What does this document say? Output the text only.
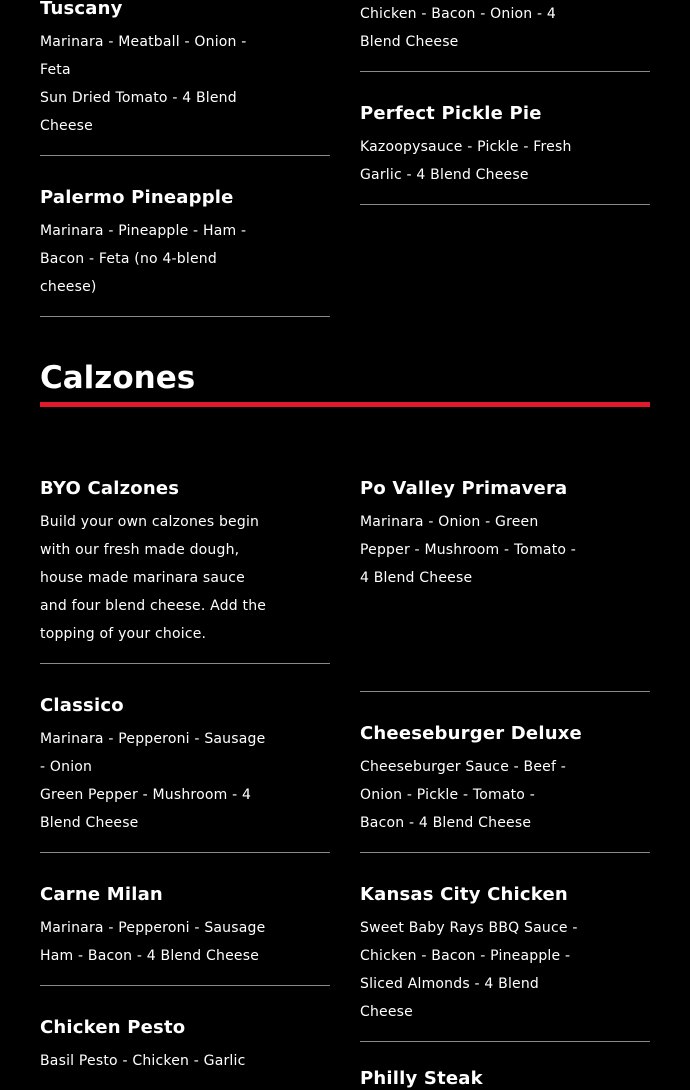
Tuscany
Marinara - Meatball - Onion -
Feta
Sun Dried Tomato - 4 Blend
Cheese
Chicken - Bacon - Onion - 4
Blend Cheese
Palermo Pineapple
Marinara - Pineapple - Ham -
Bacon - Feta (no 4-blend
cheese)
Perfect Pickle Pie
Kazoopysauce - Pickle - Fresh
Garlic - 4 Blend Cheese
Calzones
BYO Calzones
Build your own calzones begin
with our fresh made dough,
house made marinara sauce
and four blend cheese. Add the
topping of your choice.
Po Valley Primavera
Marinara - Onion - Green
Pepper - Mushroom - Tomato -
4 Blend Cheese
Classico
Marinara - Pepperoni - Sausage
- Onion
Green Pepper - Mushroom - 4
Blend Cheese
Cheeseburger Deluxe
Cheeseburger Sauce - Beef -
Onion - Pickle - Tomato -
Bacon - 4 Blend Cheese
Carne Milan
Marinara - Pepperoni - Sausage
Ham - Bacon - 4 Blend Cheese
Kansas City Chicken
Sweet Baby Rays BBQ Sauce -
Chicken - Bacon - Pineapple -
Sliced Almonds - 4 Blend
Cheese
Chicken Pesto
Basil Pesto - Chicken - Garlic
Philly Steak
